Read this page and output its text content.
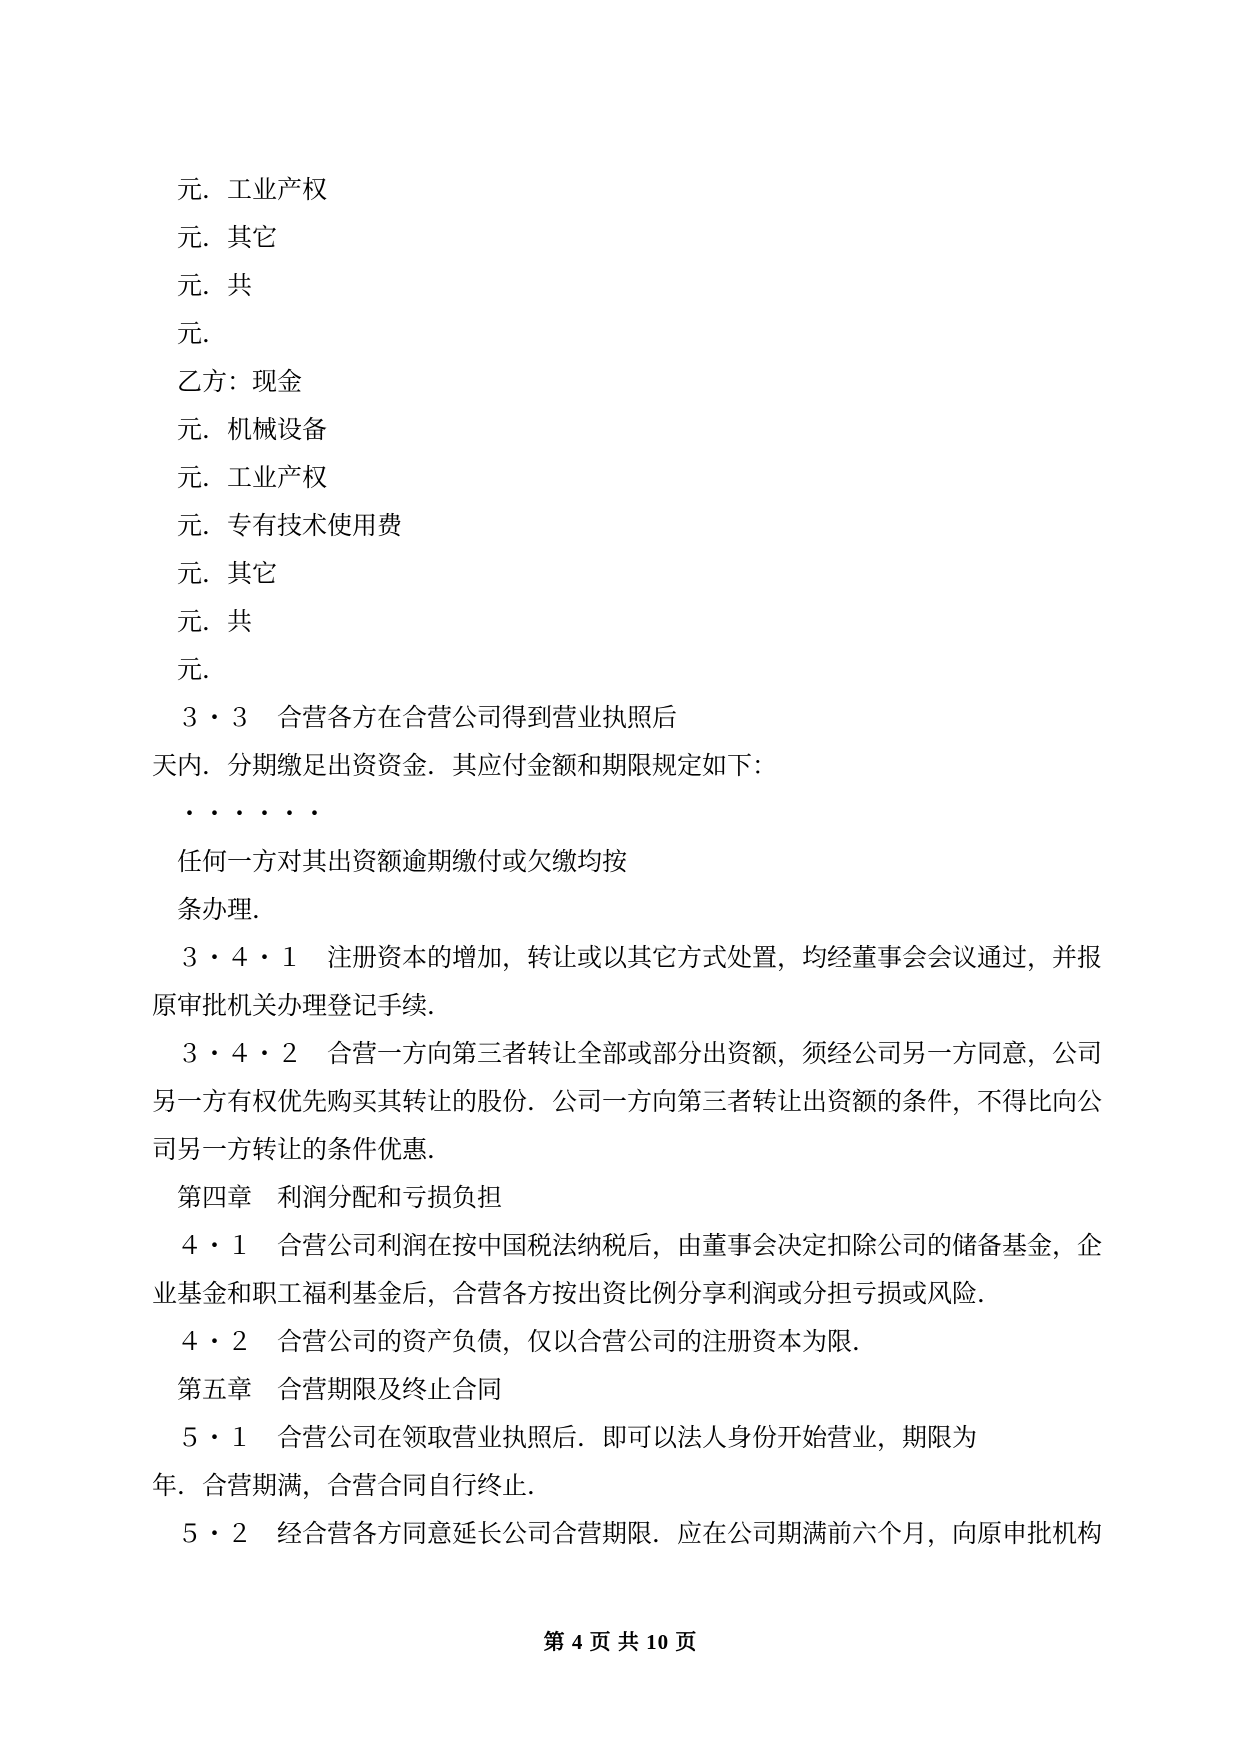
元．工业产权
元．其它
元．共
元．
乙方：现金
元．机械设备
元．工业产权
元．专有技术使用费
元．其它
元．共
元．
３・３　合营各方在合营公司得到营业执照后
天内．分期缴足出资资金．其应付金额和期限规定如下：
・・・・・・
任何一方对其出资额逾期缴付或欠缴均按
条办理．
３・４・１　注册资本的增加，转让或以其它方式处置，均经董事会会议通过，并报
原审批机关办理登记手续．
３・４・２　合营一方向第三者转让全部或部分出资额，须经公司另一方同意，公司
另一方有权优先购买其转让的股份．公司一方向第三者转让出资额的条件，不得比向公
司另一方转让的条件优惠．
第四章　利润分配和亏损负担
４・１　合营公司利润在按中国税法纳税后，由董事会决定扣除公司的储备基金，企
业基金和职工福利基金后，合营各方按出资比例分享利润或分担亏损或风险．
４・２　合营公司的资产负债，仅以合营公司的注册资本为限．
第五章　合营期限及终止合同
５・１　合营公司在领取营业执照后．即可以法人身份开始营业，期限为
年．合营期满，合营合同自行终止．
５・２　经合营各方同意延长公司合营期限．应在公司期满前六个月，向原申批机构
第 4 页 共 10 页
